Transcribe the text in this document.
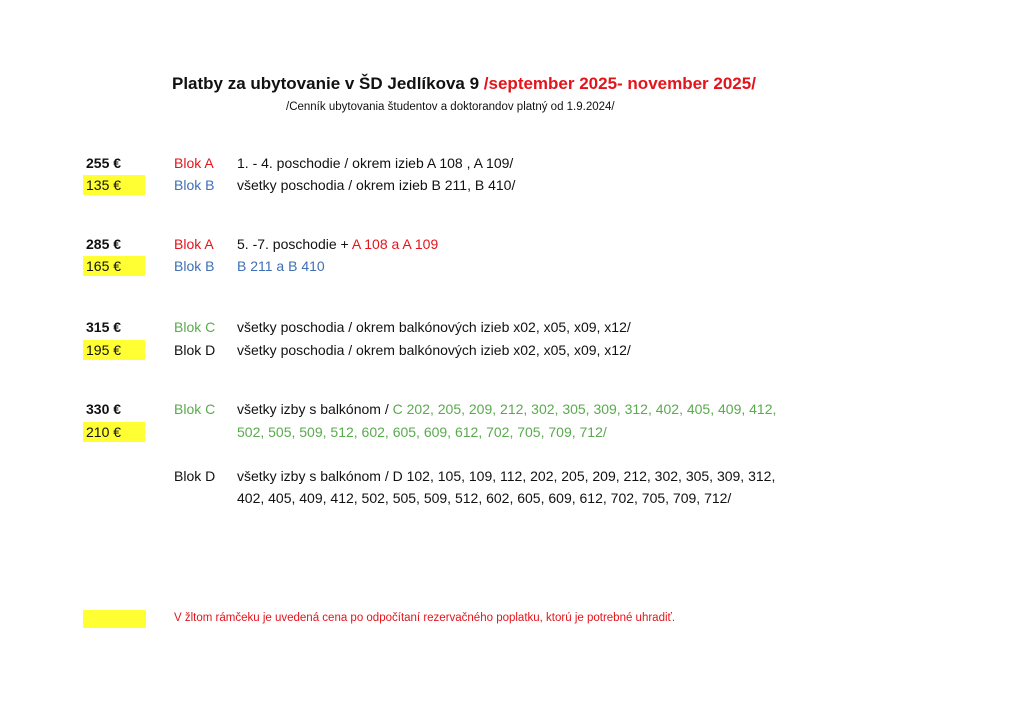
Platby za ubytovanie v ŠD Jedlíkova 9 /september 2025- november 2025/
/Cenník ubytovania študentov a doktorandov platný od 1.9.2024/
255 €
135 €
Blok A 1. - 4. poschodie / okrem izieb A 108 , A 109/
Blok B všetky poschodia / okrem izieb B 211, B 410/
285 €
165 €
Blok A 5. -7. poschodie + A 108 a A 109
Blok B B 211 a B 410
315 €
195 €
Blok C všetky poschodia / okrem balkónových izieb x02, x05, x09, x12/
Blok D všetky poschodia / okrem balkónových izieb x02, x05, x09, x12/
330 €
210 €
Blok C všetky izby s balkónom / C 202, 205, 209, 212, 302, 305, 309, 312, 402, 405, 409, 412,
502, 505, 509, 512, 602, 605, 609, 612, 702, 705, 709, 712/
Blok D všetky izby s balkónom / D 102, 105, 109, 112, 202, 205, 209, 212, 302, 305, 309, 312,
402, 405, 409, 412, 502, 505, 509, 512, 602, 605, 609, 612, 702, 705, 709, 712/
V žltom rámčeku je uvedená cena po odpočítaní rezervačného poplatku, ktorú je potrebné uhradiť.
